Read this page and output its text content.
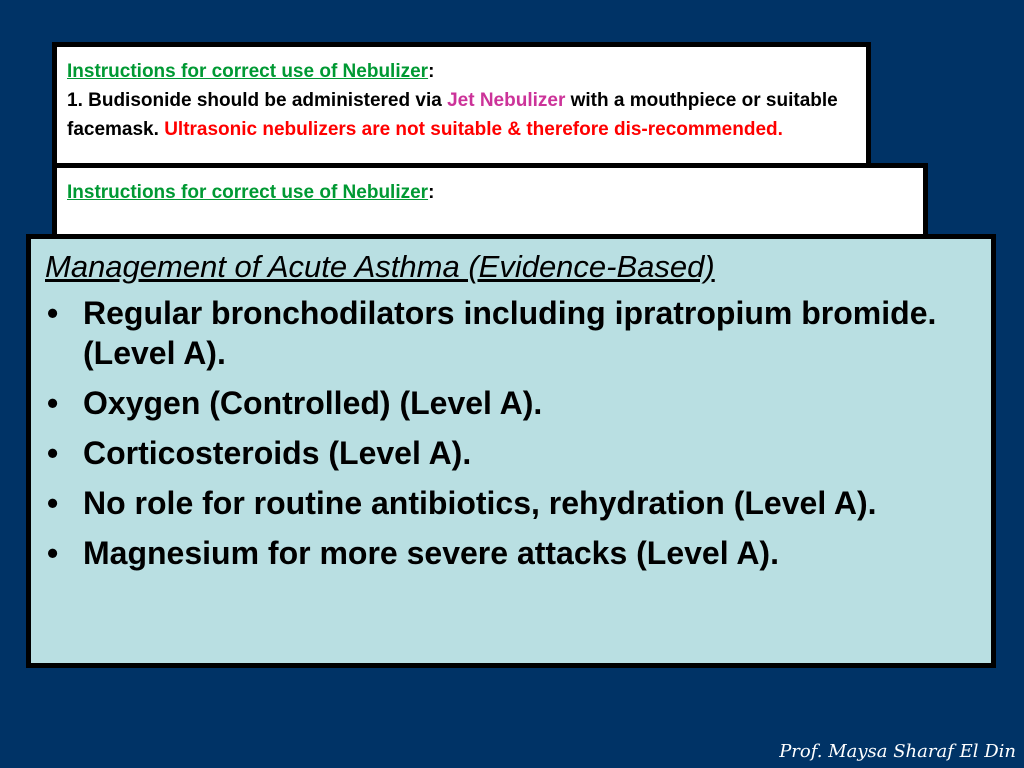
Instructions for correct use of Nebulizer:
1. Budisonide should be administered via Jet Nebulizer with a mouthpiece or suitable facemask. Ultrasonic nebulizers are not suitable & therefore dis-recommended.
Instructions for correct use of Nebulizer:
Management of Acute Asthma (Evidence-Based)
• Regular bronchodilators including ipratropium bromide. (Level A).
• Oxygen (Controlled) (Level A).
• Corticosteroids (Level A).
• No role for routine antibiotics, rehydration (Level A).
• Magnesium for more severe attacks (Level A).
Prof. Maysa Sharaf El Din
